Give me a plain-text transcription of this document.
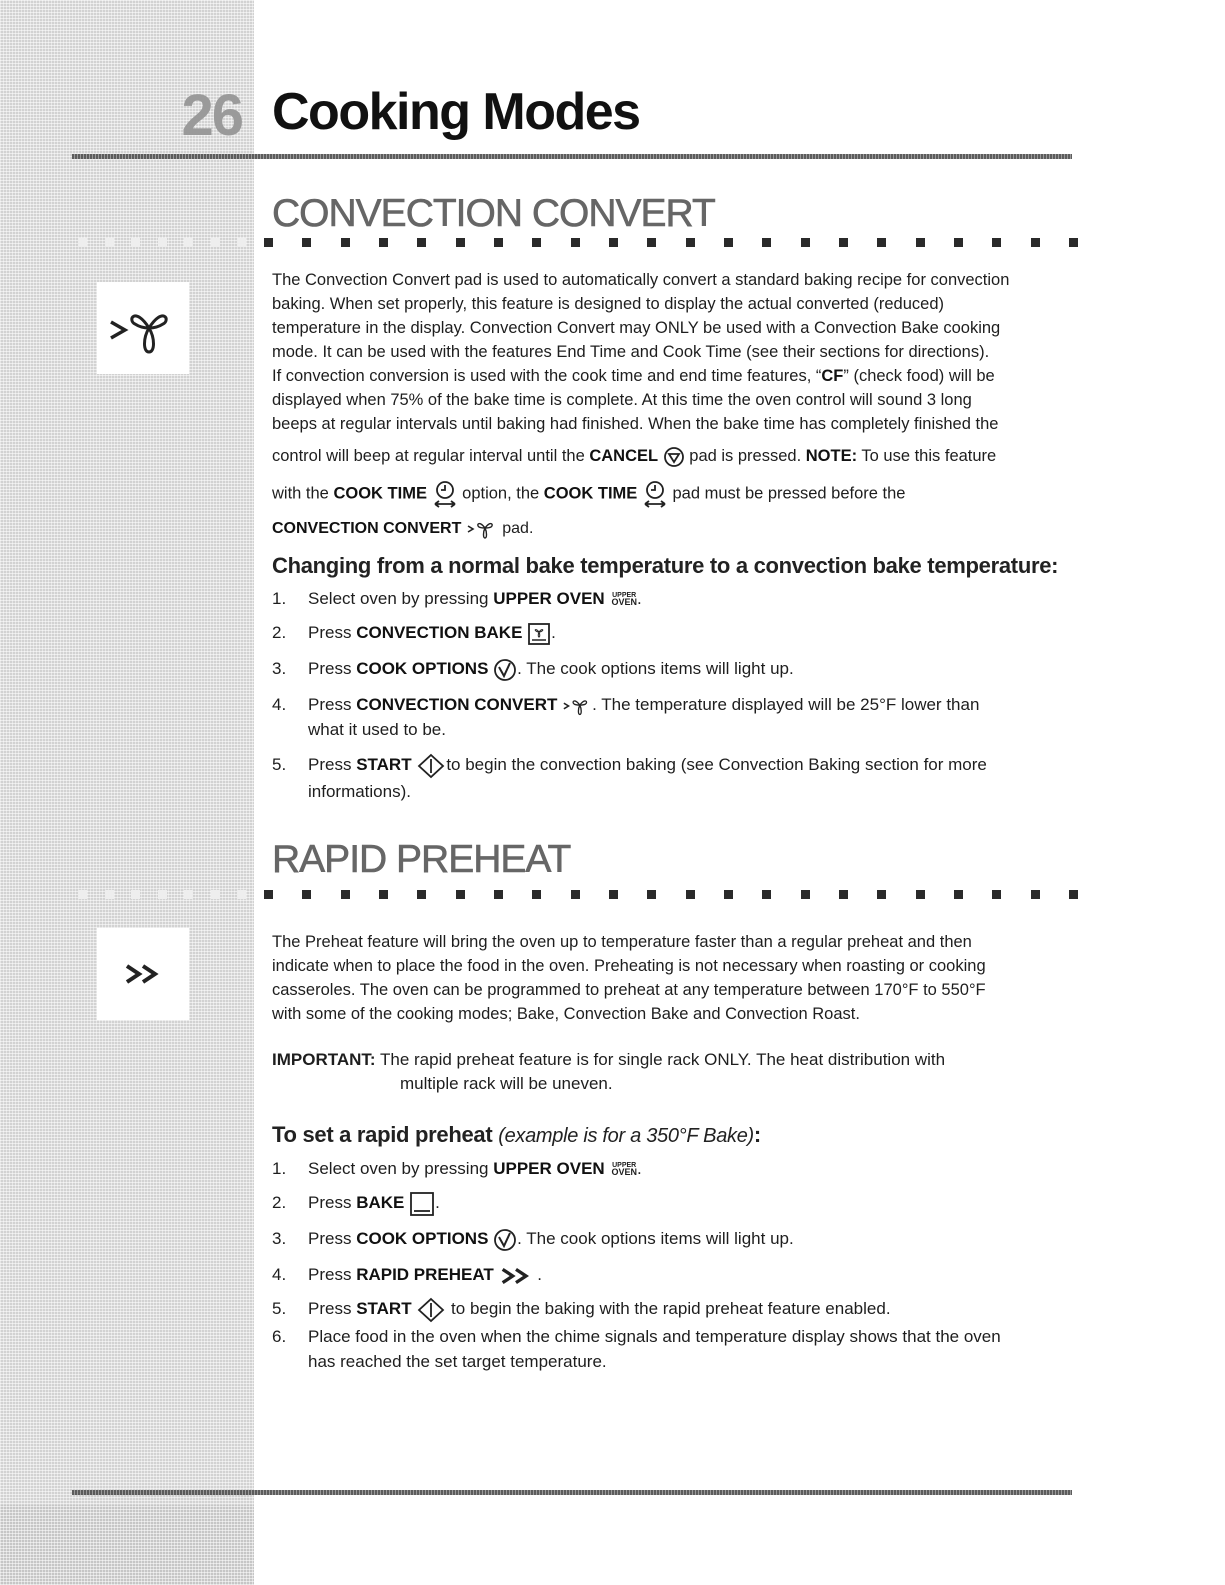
26 Cooking Modes
CONVECTION CONVERT
The Convection Convert pad is used to automatically convert a standard baking recipe for convection
baking. When set properly, this feature is designed to display the actual converted (reduced)
temperature in the display. Convection Convert may ONLY be used with a Convection Bake cooking
mode. It can be used with the features End Time and Cook Time (see their sections for directions).
If convection conversion is used with the cook time and end time features, “CF” (check food) will be
displayed when 75% of the bake time is complete. At this time the oven control will sound 3 long
beeps at regular intervals until baking had finished. When the bake time has completely finished the
control will beep at regular interval until the CANCEL  pad is pressed. NOTE: To use this feature
with the COOK TIME  option, the COOK TIME  pad must be pressed before the
CONVECTION CONVERT  pad.
Changing from a normal bake temperature to a convection bake temperature:
1.	Select oven by pressing UPPER OVEN UPPER
OVEN.
2.	Press CONVECTION BAKE .
3.	Press COOK OPTIONS . The cook options items will light up.
4.	Press CONVECTION CONVERT . The temperature displayed will be 25°F lower than
what it used to be.
5.	Press START to begin the convection baking (see Convection Baking section for more
informations).
RAPID PREHEAT
The Preheat feature will bring the oven up to temperature faster than a regular preheat and then
indicate when to place the food in the oven. Preheating is not necessary when roasting or cooking
casseroles. The oven can be programmed to preheat at any temperature between 170°F to 550°F
with some of the cooking modes; Bake, Convection Bake and Convection Roast.
IMPORTANT: The rapid preheat feature is for single rack ONLY. The heat distribution with
multiple rack will be uneven.
To set a rapid preheat (example is for a 350°F Bake):
1.	Select oven by pressing UPPER OVEN UPPER
OVEN.
2.	Press BAKE .
3.	Press COOK OPTIONS . The cook options items will light up.
4.	Press RAPID PREHEAT  .
5.	Press START  to begin the baking with the rapid preheat feature enabled.
6.	Place food in the oven when the chime signals and temperature display shows that the oven
has reached the set target temperature.
